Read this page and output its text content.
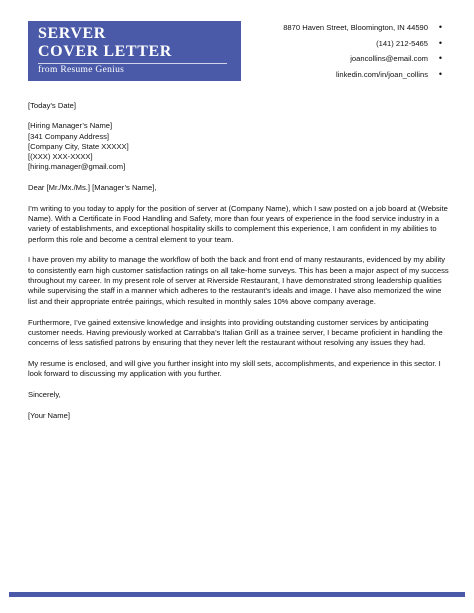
SERVER
COVER LETTER
from Resume Genius
8870 Haven Street, Bloomington, IN 44590 •
(141) 212-5465 •
joancollins@email.com •
linkedin.com/in/joan_collins •

[Today’s Date]

[Hiring Manager’s Name]

[341 Company Address]

[Company City, State XXXXX]

[(XXX) XXX-XXXX]

[hiring.manager@gmail.com]

Dear [Mr./Mx./Ms.] [Manager’s Name],

I’m writing to you today to apply for the position of server at (Company Name), which I saw posted on a job board at (Website Name). With a Certificate in Food Handling and Safety, more than four years of experience in the food service industry in a variety of establishments, and exceptional hospitality skills to complement this experience, I am confident in my abilities to perform this role and become a central element to your team.

I have proven my ability to manage the workflow of both the back and front end of many restaurants, evidenced by my ability to consistently earn high customer satisfaction ratings on all take-home surveys. This has been a major aspect of my success throughout my career. In my present role of server at Riverside Restaurant, I have demonstrated strong leadership qualities while supervising the staff in a manner which adheres to the restaurant’s ideals and image. I have also memorized the wine list and their appropriate entrée pairings, which resulted in monthly sales 10% above company average.

Furthermore, I’ve gained extensive knowledge and insights into providing outstanding customer services by anticipating customer needs. Having previously worked at Carrabba’s Italian Grill as a trainee server, I became proficient in handling the concerns of less satisfied patrons by ensuring that they never left the restaurant without resolving any issues they had.

My resume is enclosed, and will give you further insight into my skill sets, accomplishments, and experience in this sector. I look forward to discussing my application with you further.

Sincerely,

[Your Name]
